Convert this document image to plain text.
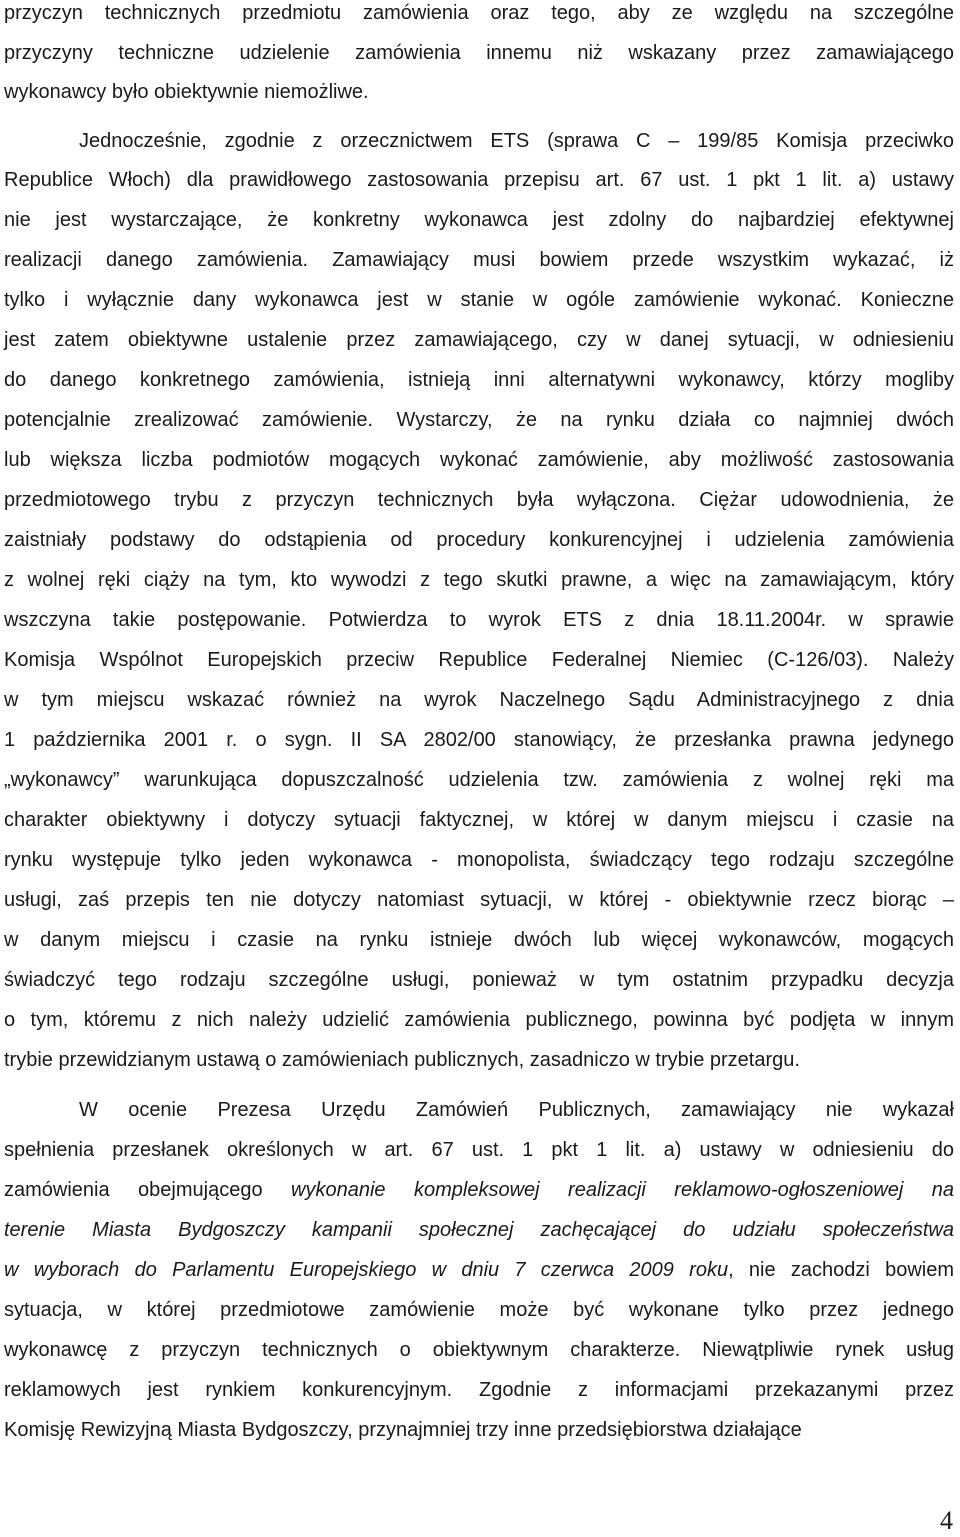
przyczyn technicznych przedmiotu zamówienia oraz tego, aby ze względu na szczególne
przyczyny techniczne udzielenie zamówienia innemu niż wskazany przez zamawiającego
wykonawcy było obiektywnie niemożliwe.
Jednocześnie, zgodnie z orzecznictwem ETS (sprawa C – 199/85 Komisja przeciwko
Republice Włoch) dla prawidłowego zastosowania przepisu art. 67 ust. 1 pkt 1 lit. a) ustawy
nie jest wystarczające, że konkretny wykonawca jest zdolny do najbardziej efektywnej
realizacji danego zamówienia. Zamawiający musi bowiem przede wszystkim wykazać, iż
tylko i wyłącznie dany wykonawca jest w stanie w ogóle zamówienie wykonać. Konieczne
jest zatem obiektywne ustalenie przez zamawiającego, czy w danej sytuacji, w odniesieniu
do danego konkretnego zamówienia, istnieją inni alternatywni wykonawcy, którzy mogliby
potencjalnie zrealizować zamówienie. Wystarczy, że na rynku działa co najmniej dwóch
lub większa liczba podmiotów mogących wykonać zamówienie, aby możliwość zastosowania
przedmiotowego trybu z przyczyn technicznych była wyłączona. Ciężar udowodnienia, że
zaistniały podstawy do odstąpienia od procedury konkurencyjnej i udzielenia zamówienia
z wolnej ręki ciąży na tym, kto wywodzi z tego skutki prawne, a więc na zamawiającym, który
wszczyna takie postępowanie. Potwierdza to wyrok ETS z dnia 18.11.2004r. w sprawie
Komisja Wspólnot Europejskich przeciw Republice Federalnej Niemiec (C-126/03). Należy
w tym miejscu wskazać również na wyrok Naczelnego Sądu Administracyjnego z dnia
1 października 2001 r. o sygn. II SA 2802/00 stanowiący, że przesłanka prawna jedynego
„wykonawcy” warunkująca dopuszczalność udzielenia tzw. zamówienia z wolnej ręki ma
charakter obiektywny i dotyczy sytuacji faktycznej, w której w danym miejscu i czasie na
rynku występuje tylko jeden wykonawca - monopolista, świadczący tego rodzaju szczególne
usługi, zaś przepis ten nie dotyczy natomiast sytuacji, w której - obiektywnie rzecz biorąc –
w danym miejscu i czasie na rynku istnieje dwóch lub więcej wykonawców, mogących
świadczyć tego rodzaju szczególne usługi, ponieważ w tym ostatnim przypadku decyzja
o tym, któremu z nich należy udzielić zamówienia publicznego, powinna być podjęta w innym
trybie przewidzianym ustawą o zamówieniach publicznych, zasadniczo w trybie przetargu.
W ocenie Prezesa Urzędu Zamówień Publicznych, zamawiający nie wykazał
spełnienia przesłanek określonych w art. 67 ust. 1 pkt 1 lit. a) ustawy w odniesieniu do
zamówienia obejmującego wykonanie kompleksowej realizacji reklamowo-ogłoszeniowej na
terenie Miasta Bydgoszczy kampanii społecznej zachęcającej do udziału społeczeństwa
w wyborach do Parlamentu Europejskiego w dniu 7 czerwca 2009 roku, nie zachodzi bowiem
sytuacja, w której przedmiotowe zamówienie może być wykonane tylko przez jednego
wykonawcę z przyczyn technicznych o obiektywnym charakterze. Niewątpliwie rynek usług
reklamowych jest rynkiem konkurencyjnym. Zgodnie z informacjami przekazanymi przez
Komisję Rewizyjną Miasta Bydgoszczy, przynajmniej trzy inne przedsiębiorstwa działające
4
